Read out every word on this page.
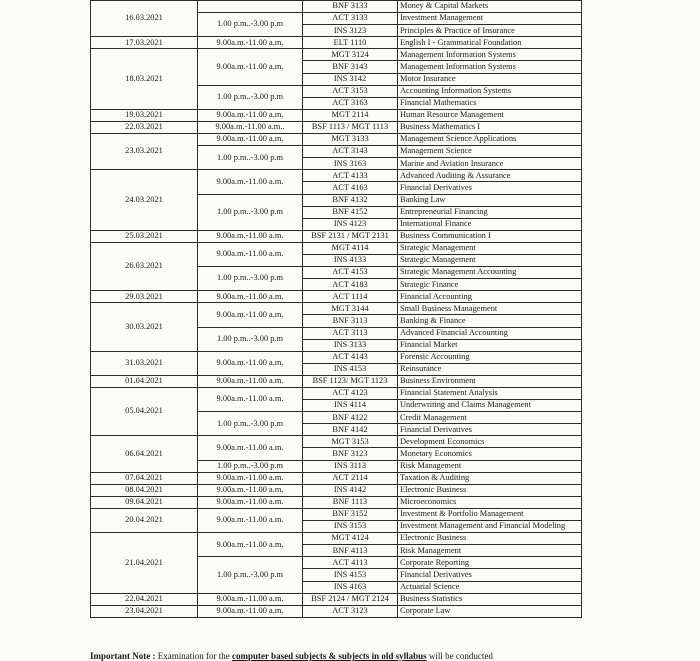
16.03.2021		BNF 3133	Money & Capital Markets
	1.00 p.m..-3.00 p.m	ACT 3133	Investment Management
		INS 3123	Principles & Practice of Insurance
17.03.2021	9.00a.m.-11.00 a.m.	ELT 1110	English I - Grammatical Foundation
18.03.2021	9.00a.m.-11.00 a.m.	MGT 3124	Management Information Systems
		BNF 3143	Management Information Systems
		INS 3142	Motor Insurance
	1.00 p.m..-3.00 p.m	ACT 3153	Accounting Information Systems
		ACT 3163	Financial Mathematics
19.03.2021	9.00a.m.-11.00 a.m.	MGT 2114	Human Resource Management
22.03.2021	9.00a.m.-11.00 a.m..	BSF 1113 / MGT 1113	Business Mathematics I
23.03.2021	9.00a.m.-11.00 a.m.	MGT 3133	Management Science Applications
	1.00 p.m..-3.00 p.m	ACT 3143	Management Science
		INS 3163	Marine and Aviation Insurance
24.03.2021	9.00a.m.-11.00 a.m.	ACT 4133	Advanced Auditing & Assurance
		ACT 4163	Financial Derivatives
	1.00 p.m..-3.00 p.m	BNF 4132	Banking Law
		BNF 4152	Entrepreneurial Financing
		INS 4123	International Finance
25.03.2021	9.00a.m.-11.00 a.m.	BSF 2131 / MGT 2131	Business Communication I
26.03.2021	9.00a.m.-11.00 a.m.	MGT 4114	Strategic Management
		INS 4133	Strategic Management
	1.00 p.m..-3.00 p.m	ACT 4153	Strategic Management Accounting
		ACT 4183	Strategic Finance
29.03.2021	9.00a.m.-11.00 a.m.	ACT 1114	Financial Accounting
30.03.2021	9.00a.m.-11.00 a.m.	MGT 3144	Small Business Management
		BNF 3113	Banking & Finance
	1.00 p.m..-3.00 p.m	ACT 3113	Advanced Financial Accounting
		INS 3133	Financial Market
31.03.2021	9.00a.m.-11.00 a.m.	ACT 4143	Forensic Accounting
		INS 4153	Reinsurance
01.04.2021	9.00a.m.-11.00 a.m.	BSF 1123/ MGT 1123	Business Environment
05.04.2021	9.00a.m.-11.00 a.m.	ACT 4123	Financial Statement Analysis
		INS 4114	Underwriting and Claims Management
	1.00 p.m..-3.00 p.m	BNF 4122	Credit Management
		BNF 4142	Financial Derivatives
06.04.2021	9.00a.m.-11.00 a.m.	MGT 3153	Development Economics
		BNF 3123	Monetary Economics
	1.00 p.m..-3.00 p.m	INS 3113	Risk Management
07.04.2021	9.00a.m.-11.00 a.m.	ACT 2114	Taxation & Auditing
08.04.2021	9.00a.m.-11.00 a.m.	INS 4142	Electronic Business
09.04.2021	9.00a.m.-11.00 a.m.	BNF 1113	Microeconomics
20.04.2021	9.00a.m.-11.00 a.m.	BNF 3152	Investment & Portfolio Management
		INS 3153	Investment Management and Financial Modeling
21.04.2021	9.00a.m.-11.00 a.m.	MGT 4124	Electronic Business
		BNF 4113	Risk Management
	1.00 p.m..-3.00 p.m	ACT 4113	Corporate Reporting
		INS 4153	Financial Derivatives
		INS 4163	Actuarial Science
22.04.2021	9.00a.m.-11.00 a.m.	BSF 2124 / MGT 2124	Business Statistics
23.04.2021	9.00a.m.-11.00 a.m.	ACT 3123	Corporate Law
Important Note : Examination for the computer based subjects & subjects in old syllabus will be conducted
